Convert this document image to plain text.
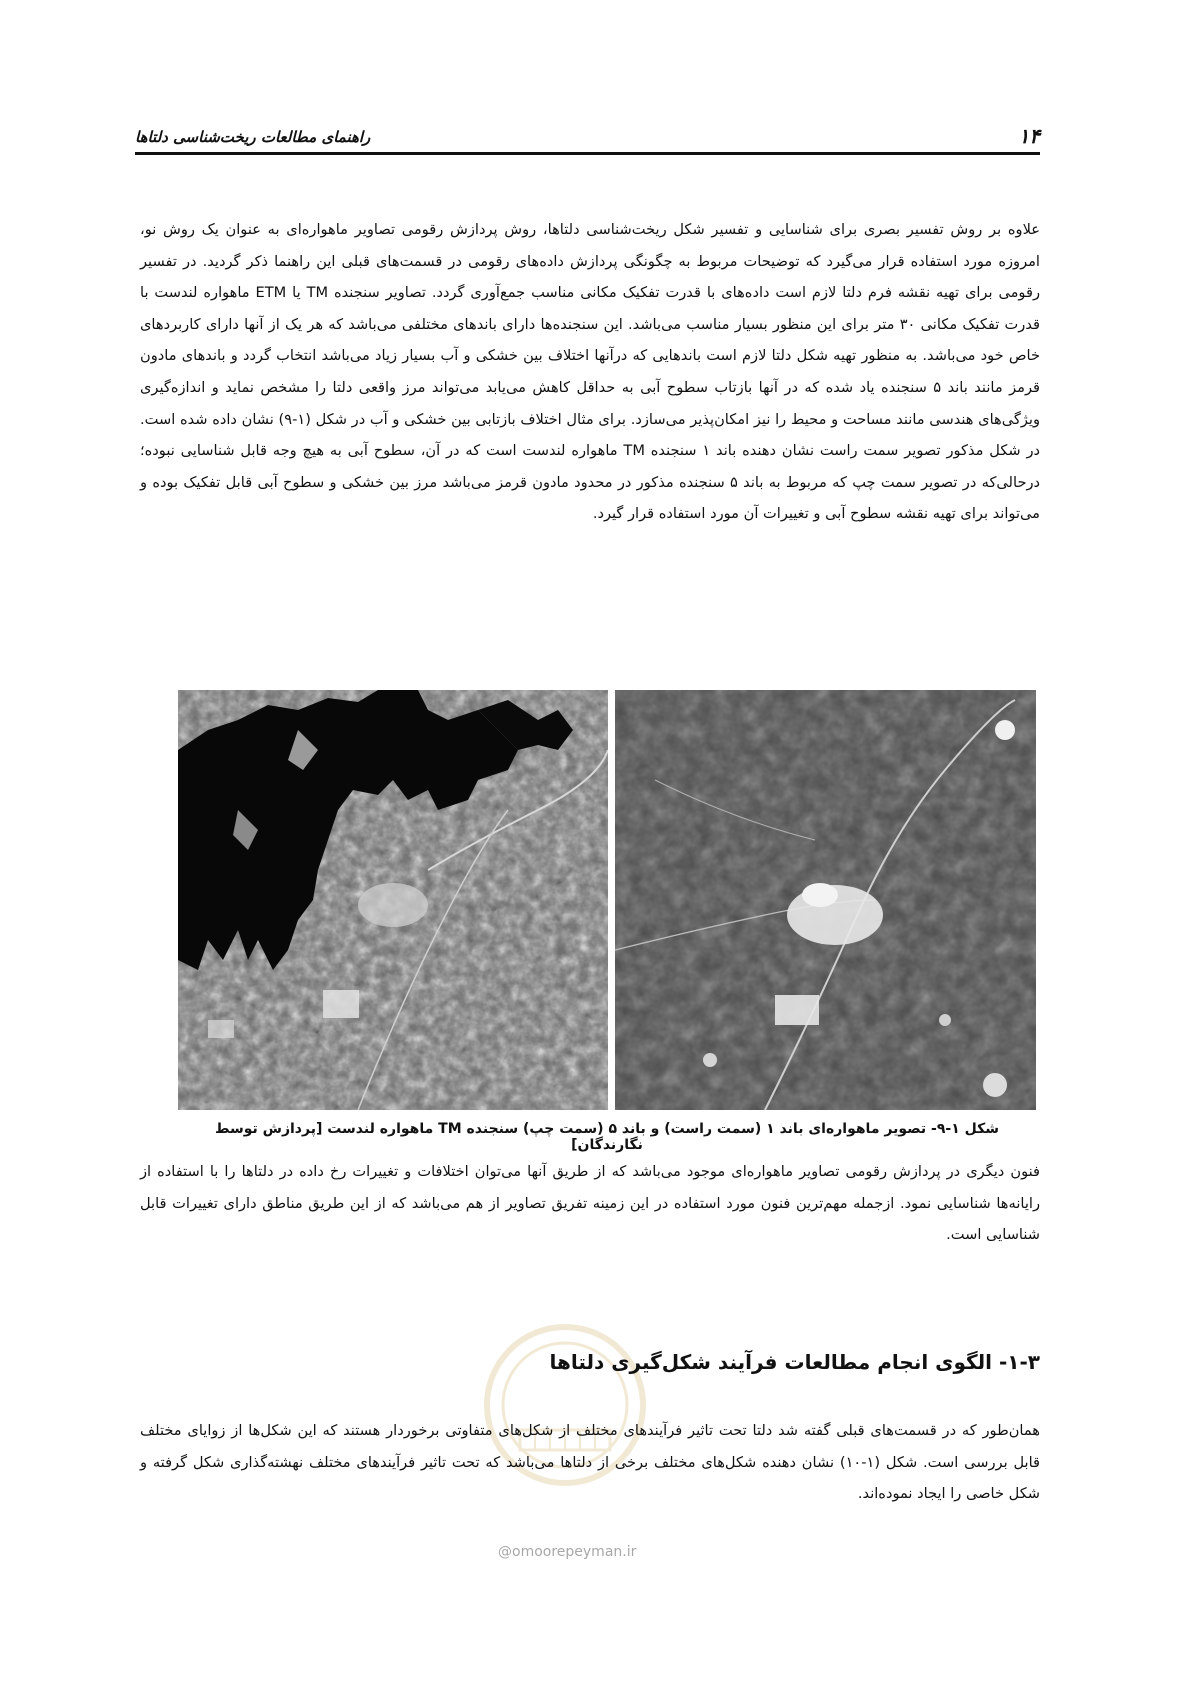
۱۴
راهنمای مطالعات ریخت‌شناسی دلتاها

علاوه بر روش تفسیر بصری برای شناسایی و تفسیر شکل ریخت‌شناسی دلتاها، روش پردازش رقومی تصاویر ماهواره‌ای به عنوان یک روش نو، امروزه مورد استفاده قرار می‌گیرد که توضیحات مربوط به چگونگی پردازش داده‌های رقومی در قسمت‌های قبلی این راهنما ذکر گردید. در تفسیر رقومی برای تهیه نقشه فرم دلتا لازم است داده‌های با قدرت تفکیک مکانی مناسب جمع‌آوری گردد. تصاویر سنجنده TM یا ETM ماهواره لندست با قدرت تفکیک مکانی ۳۰ متر برای این منظور بسیار مناسب می‌باشد. این سنجنده‌ها دارای باندهای مختلفی می‌باشد که هر یک از آنها دارای کاربردهای خاص خود می‌باشد. به منظور تهیه شکل دلتا لازم است باندهایی که درآنها اختلاف بین خشکی و آب بسیار زیاد می‌باشد انتخاب گردد و باندهای مادون قرمز مانند باند ۵ سنجنده یاد شده که در آنها بازتاب سطوح آبی به حداقل کاهش می‌یابد می‌تواند مرز واقعی دلتا را مشخص نماید و اندازه‌گیری ویژگی‌های هندسی مانند مساحت و محیط را نیز امکان‌پذیر می‌سازد. برای مثال اختلاف بازتابی بین خشکی و آب در شکل (۱-۹) نشان داده شده است. در شکل مذکور تصویر سمت راست نشان دهنده باند ۱ سنجنده TM ماهواره لندست است که در آن، سطوح آبی به هیچ وجه قابل شناسایی نبوده؛ درحالی‌که در تصویر سمت چپ که مربوط به باند ۵ سنجنده مذکور در محدود مادون قرمز می‌باشد مرز بین خشکی و سطوح آبی قابل تفکیک بوده و می‌تواند برای تهیه نقشه سطوح آبی و تغییرات آن مورد استفاده قرار گیرد.

شکل ۱-۹- تصویر ماهواره‌ای باند ۱ (سمت راست) و باند ۵ (سمت چپ) سنجنده TM ماهواره لندست [پردازش توسط نگارندگان]

فنون دیگری در پردازش رقومی تصاویر ماهواره‌ای موجود می‌باشد که از طریق آنها می‌توان اختلافات و تغییرات رخ داده در دلتاها را با استفاده از رایانه‌ها شناسایی نمود. ازجمله مهم‌ترین فنون مورد استفاده در این زمینه تفریق تصاویر از هم می‌باشد که از این طریق مناطق دارای تغییرات قابل شناسایی است.

۱-۳- الگوی انجام مطالعات فرآیند شکل‌گیری دلتاها

همان‌طور که در قسمت‌های قبلی گفته شد دلتا تحت تاثیر فرآیندهای مختلف از شکل‌های متفاوتی برخوردار هستند که این شکل‌ها از زوایای مختلف قابل بررسی است. شکل (۱-۱۰) نشان دهنده شکل‌های مختلف برخی از دلتاها می‌باشد که تحت تاثیر فرآیندهای مختلف نهشته‌گذاری شکل گرفته و شکل خاصی را ایجاد نموده‌اند.

@omoorepeyman.ir
